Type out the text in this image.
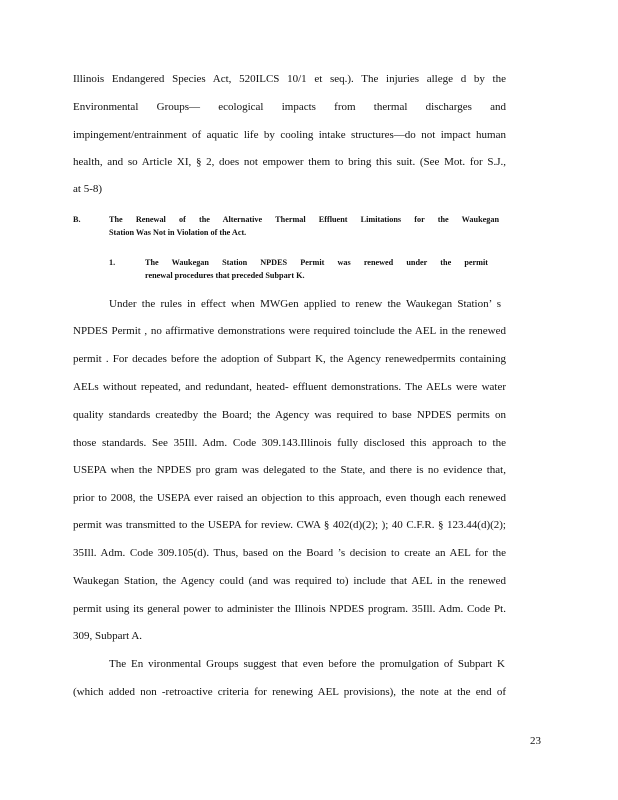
Illinois Endangered Species Act, 520ILCS 10/1 et seq.). The injuries allege d by the
Environmental Groups— ecological impacts from thermal discharges and
impingement/entrainment of aquatic life by cooling intake structures—do not impact human
health, and so Article XI, § 2, does not empower them to bring this suit. (See Mot. for S.J.,
at 5-8)
B.	The Renewal of the Alternative Thermal Effluent Limitations for the Waukegan
Station Was Not in Violation of the Act.
1.	The Waukegan Station NPDES Permit was renewed under the permit
renewal procedures that preceded Subpart K.
Under the rules in effect when MWGen applied to renew the Waukegan Station’ s
NPDES Permit , no affirmative demonstrations were required toinclude the AEL in the renewed
permit . For decades before the adoption of Subpart K, the Agency renewedpermits containing
AELs without repeated, and redundant, heated- effluent demonstrations. The AELs were water
quality standards createdby the Board; the Agency was required to base NPDES permits on
those standards. See 35Ill. Adm. Code 309.143.Illinois fully disclosed this approach to the
USEPA when the NPDES pro gram was delegated to the State, and there is no evidence that,
prior to 2008, the USEPA ever raised an objection to this approach, even though each renewed
permit was transmitted to the USEPA for review. CWA § 402(d)(2); ); 40 C.F.R. § 123.44(d)(2);
35Ill. Adm. Code 309.105(d). Thus, based on the Board ’s decision to create an AEL for the
Waukegan Station, the Agency could (and was required to) include that AEL in the renewed
permit using its general power to administer the Illinois NPDES program. 35Ill. Adm. Code Pt.
309, Subpart A.
The En vironmental Groups suggest that even before the promulgation of Subpart K
(which added non -retroactive criteria for renewing AEL provisions), the note at the end of
23
